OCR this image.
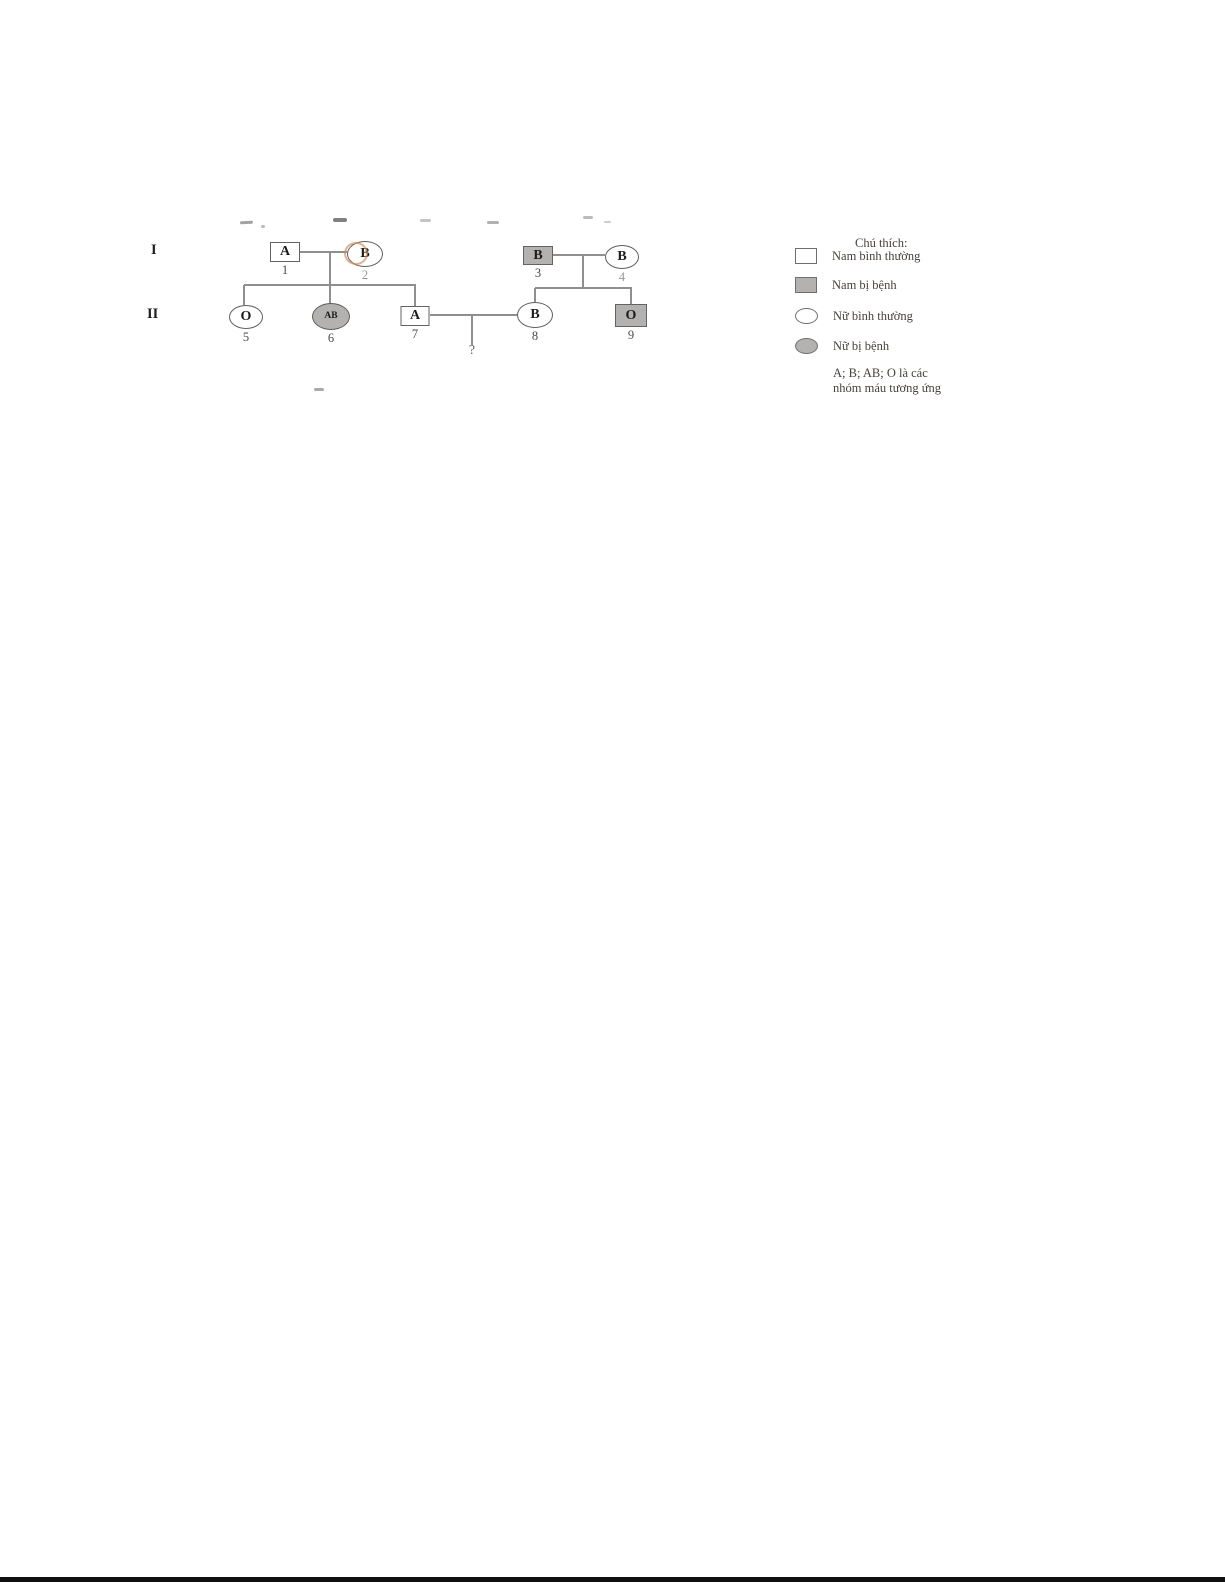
I
II
?
A
1
B
2
B
3
B
4
O
5
AB
6
A
7
B
8
O
9
Chú thích:
Nam bình thường
Nam bị bệnh
Nữ bình thường
Nữ bị bệnh
A; B; AB; O là các
nhóm máu tương ứng
